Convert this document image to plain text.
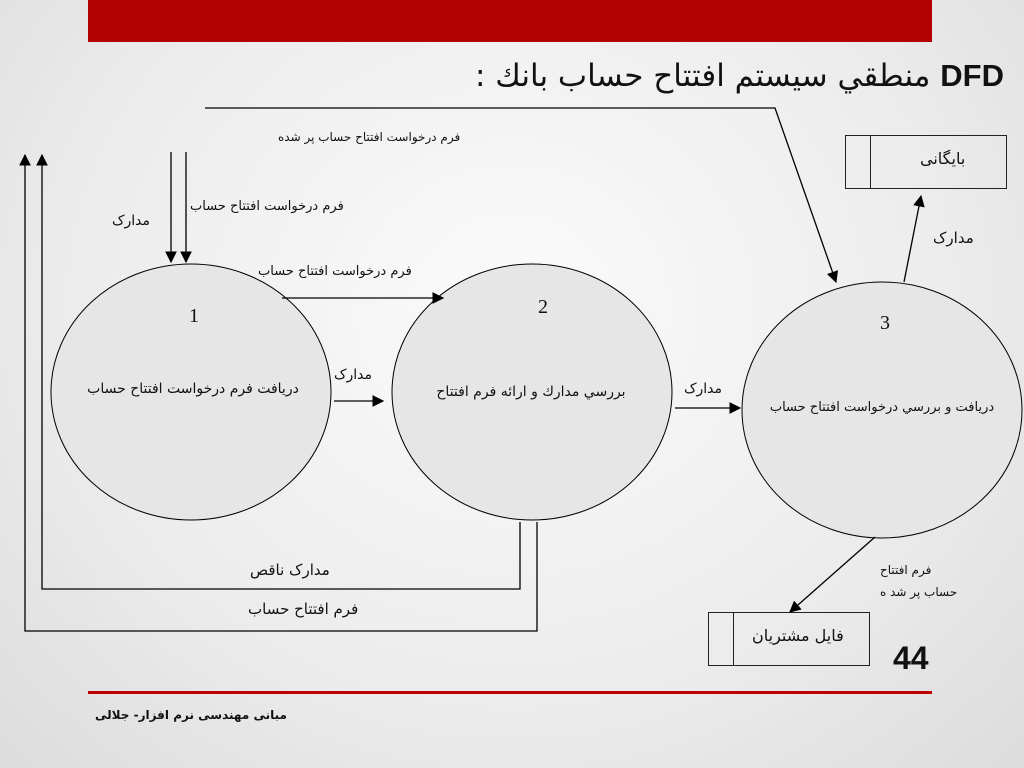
DFD منطقي سيستم افتتاح حساب بانك :
1
دريافت فرم درخواست افتتاح حساب
2
بررسي مدارك و ارائه فرم افتتاح
3
دريافت و بررسي درخواست افتتاح حساب
بايگانی
فايل مشتريان
فرم درخواست افتتاح حساب پر شده
فرم درخواست افتتاح حساب
مدارک
فرم درخواست افتتاح حساب
مدارک
مدارک
مدارک
فرم افتتاح
حساب پر شد ه
مدارک ناقص
فرم افتتاح حساب
44
مبانی مهندسی نرم افزار- جلالی
